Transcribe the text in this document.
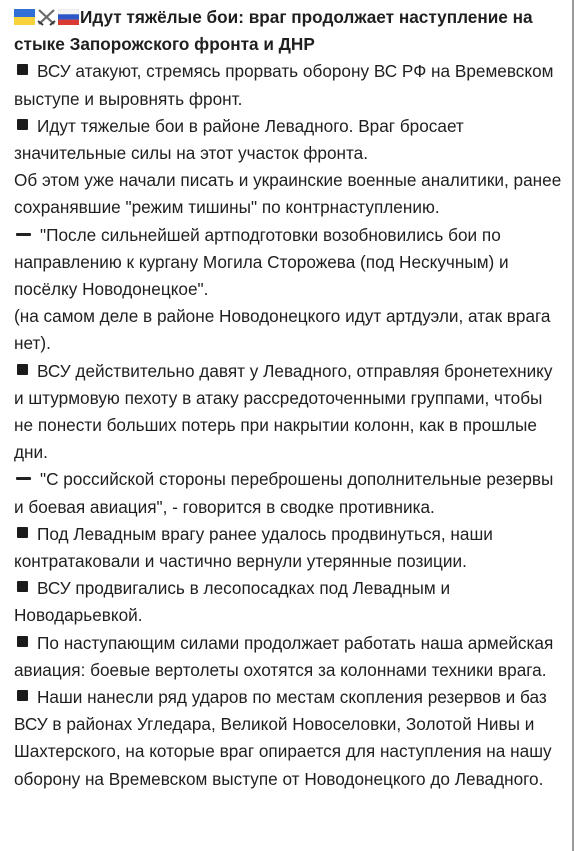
Идут тяжёлые бои: враг продолжает наступление на стыке Запорожского фронта и ДНР

ВСУ атакуют, стремясь прорвать оборону ВС РФ на Времевском выступе и выровнять фронт.

Идут тяжелые бои в районе Левадного. Враг бросает значительные силы на этот участок фронта.

Об этом уже начали писать и украинские военные аналитики, ранее сохранявшие "режим тишины" по контрнаступлению.

"После сильнейшей артподготовки возобновились бои по направлению к кургану Могила Сторожева (под Нескучным) и посёлку Новодонецкое".

(на самом деле в районе Новодонецкого идут артдуэли, атак врага нет).

ВСУ действительно давят у Левадного, отправляя бронетехнику и штурмовую пехоту в атаку рассредоточенными группами, чтобы не понести больших потерь при накрытии колонн, как в прошлые дни.

"С российской стороны переброшены дополнительные резервы и боевая авиация", - говорится в сводке противника.

Под Левадным врагу ранее удалось продвинуться, наши контратаковали и частично вернули утерянные позиции.

ВСУ продвигались в лесопосадках под Левадным и Новодарьевкой.

По наступающим силами продолжает работать наша армейская авиация: боевые вертолеты охотятся за колоннами техники врага.

Наши нанесли ряд ударов по местам скопления резервов и баз ВСУ в районах Угледара, Великой Новоселовки, Золотой Нивы и Шахтерского, на которые враг опирается для наступления на нашу оборону на Времевском выступе от Новодонецкого до Левадного.
